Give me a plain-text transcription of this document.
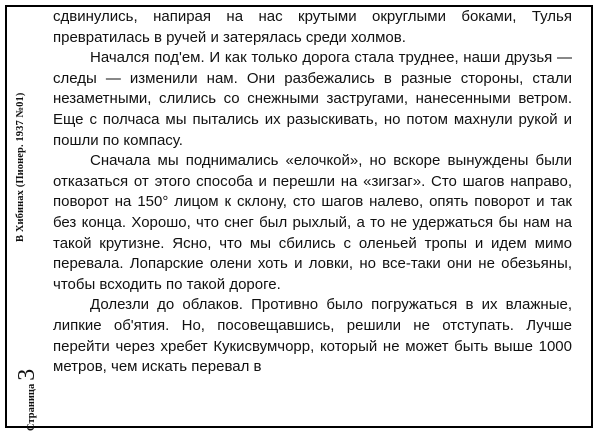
В Хибинах (Пионер. 1937 №01)
Страница3

сдвинулись, напирая на нас крутыми округлыми боками, Тулья превратилась в ручей и затерялась среди холмов.

Начался под'ем. И как только дорога стала труднее, наши друзья — следы — изменили нам. Они разбежались в разные стороны, стали незаметными, слились со снежными застругами, нанесенными ветром. Еще с полчаса мы пытались их разыскивать, но потом махнули рукой и пошли по компасу.

Сначала мы поднимались «елочкой», но вскоре вынуждены были отказаться от этого способа и перешли на «зигзаг». Сто шагов направо, поворот на 150° лицом к склону, сто шагов налево, опять поворот и так без конца. Хорошо, что снег был рыхлый, а то не удержаться бы нам на такой крутизне. Ясно, что мы сбились с оленьей тропы и идем мимо перевала. Лопарские олени хоть и ловки, но все-таки они не обезьяны, чтобы всходить по такой дороге.

Долезли до облаков. Противно было погружаться в их влажные, липкие об'ятия. Но, посовещавшись, решили не отступать. Лучше перейти через хребет Кукисвумчорр, который не может быть выше 1000 метров, чем искать перевал в
